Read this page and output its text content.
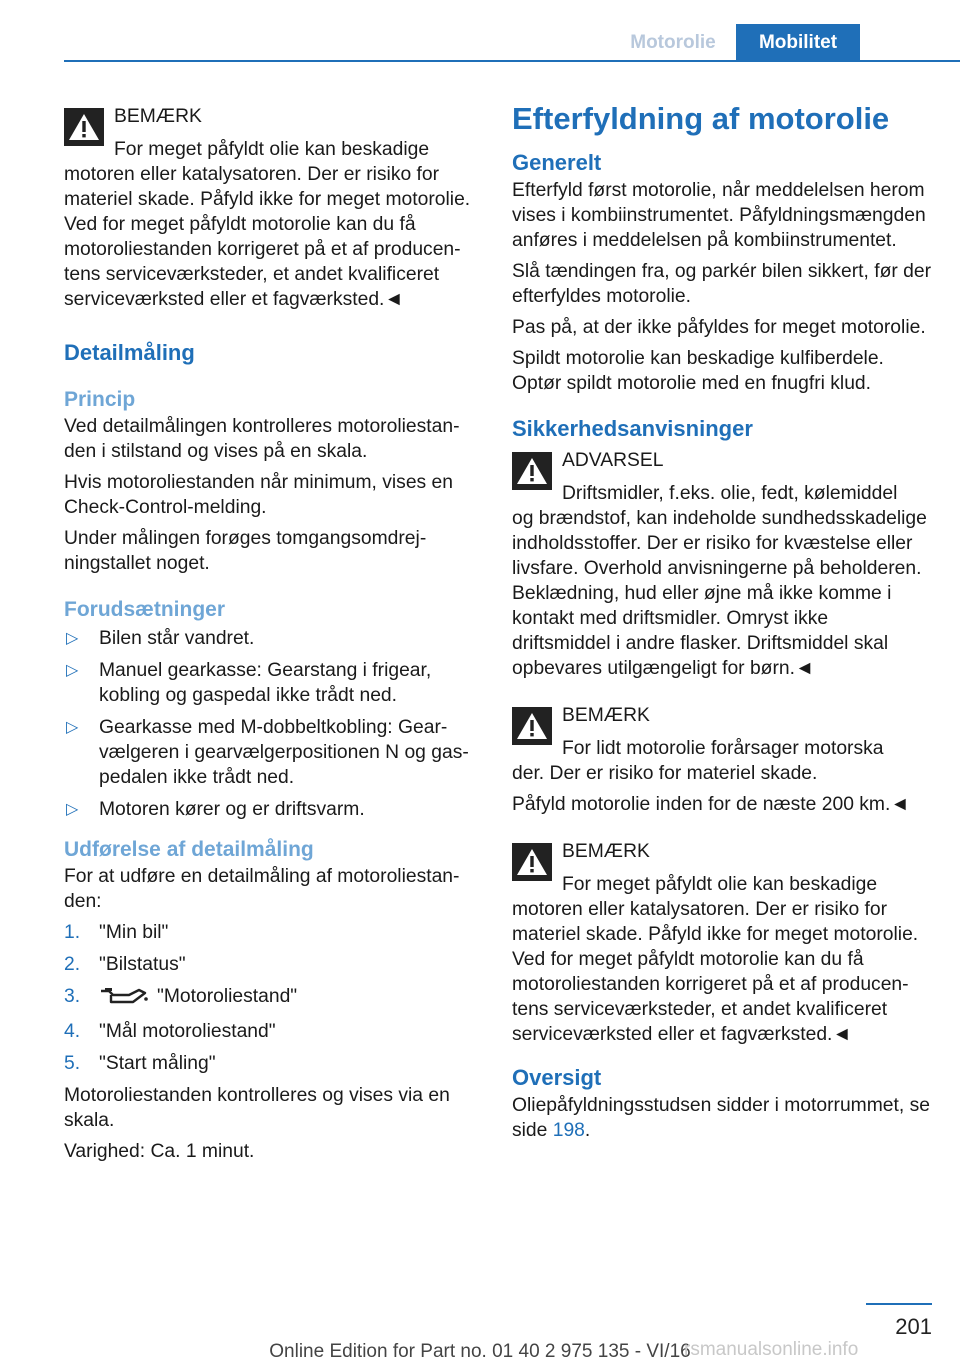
Motorolie	Mobilitet
BEMÆRK

For meget påfyldt olie kan beskadige

motoren eller katalysatoren. Der er risiko for materiel skade. Påfyld ikke for meget motorolie. Ved for meget påfyldt motorolie kan du få motoroliestanden korrigeret på et af producentens serviceværksteder, et andet kvalificeret serviceværksted eller et fagværksted.◄

Detailmåling
Princip

Ved detailmålingen kontrolleres motoroliestanden i stilstand og vises på en skala.

Hvis motoroliestanden når minimum, vises en Check-Control-melding.

Under målingen forøges tomgangsomdrejningstallet noget.

Forudsætninger
▷ Bilen står vandret.
▷ Manuel gearkasse: Gearstang i frigear, kobling og gaspedal ikke trådt ned.
▷ Gearkasse med M-dobbeltkobling: Gearvælgeren i gearvælgerpositionen N og gaspedalen ikke trådt ned.
▷ Motoren kører og er driftsvarm.
Udførelse af detailmåling

For at udføre en detailmåling af motoroliestanden:

1. "Min bil"
2. "Bilstatus"
3.	"Motoroliestand"
4. "Mål motoroliestand"
5. "Start måling"

Motoroliestanden kontrolleres og vises via en skala.

Varighed: Ca. 1 minut.

Efterfyldning af motorolie
Generelt

Efterfyld først motorolie, når meddelelsen herom vises i kombiinstrumentet. Påfyldningsmængden anføres i meddelelsen på kombiinstrumentet.

Slå tændingen fra, og parkér bilen sikkert, før der efterfyldes motorolie.

Pas på, at der ikke påfyldes for meget motorolie.

Spildt motorolie kan beskadige kulfiberdele. Optør spildt motorolie med en fnugfri klud.

Sikkerhedsanvisninger
ADVARSEL

Driftsmidler, f.eks. olie, fedt, kølemiddel

og brændstof, kan indeholde sundhedsskadelige indholdsstoffer. Der er risiko for kvæstelse eller livsfare. Overhold anvisningerne på beholderen. Beklædning, hud eller øjne må ikke komme i kontakt med driftsmidler. Omryst ikke driftsmiddel i andre flasker. Driftsmiddel skal opbevares utilgængeligt for børn.◄

BEMÆRK

For lidt motorolie forårsager motorska

der. Der er risiko for materiel skade.

Påfyld motorolie inden for de næste 200 km.◄

BEMÆRK

For meget påfyldt olie kan beskadige

motoren eller katalysatoren. Der er risiko for materiel skade. Påfyld ikke for meget motorolie. Ved for meget påfyldt motorolie kan du få motoroliestanden korrigeret på et af producentens serviceværksteder, et andet kvalificeret serviceværksted eller et fagværksted.◄

Oversigt

Oliepåfyldningsstudsen sidder i motorrummet, se side 198.

201
Online Edition for Part no. 01 40 2 975 135 - VI/16
rsmanualsonline.info
